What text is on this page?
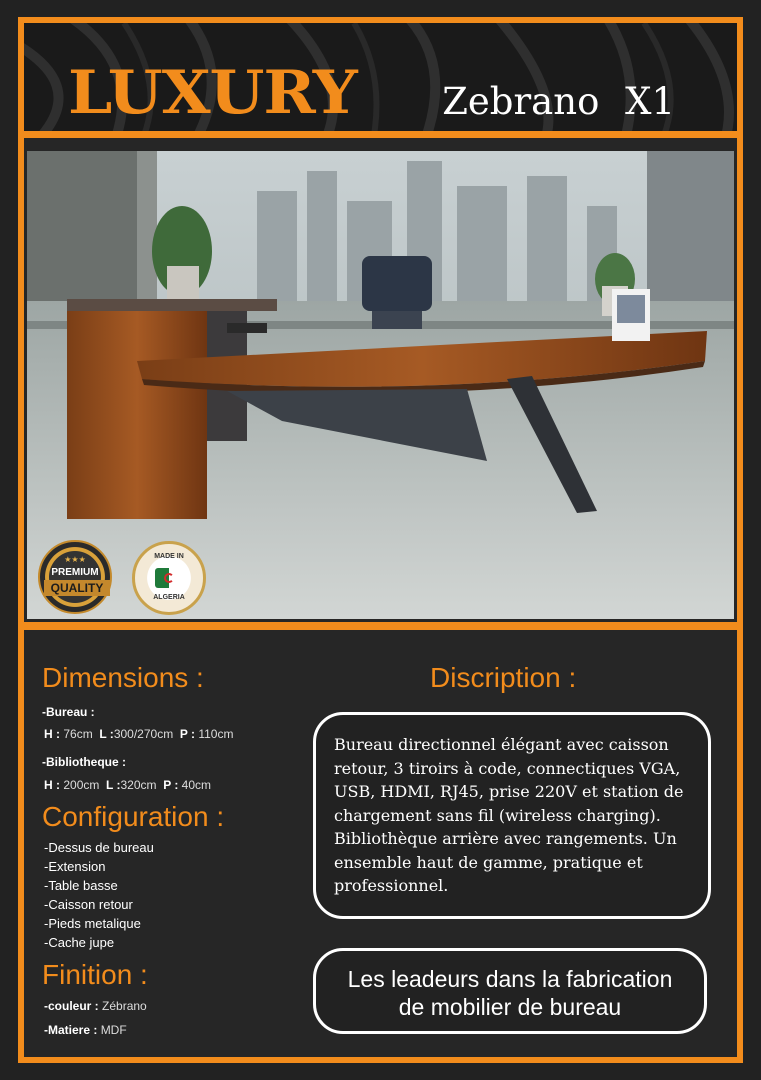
LUXURY Zebrano X1
★★★
PREMIUM
QUALITY
MADE IN
ALGERIA
Dimensions :
-Bureau :
H : 76cm L :300/270cm P : 110cm
-Bibliotheque :
H : 200cm L :320cm P : 40cm
Configuration :
-Dessus de bureau
-Extension
-Table basse
-Caisson retour
-Pieds metalique
-Cache jupe
Finition :
-couleur : Zébrano
-Matiere : MDF
Discription :
Bureau directionnel élégant avec caisson retour, 3 tiroirs à code, connectiques VGA, USB, HDMI, RJ45, prise 220V et station de chargement sans fil (wireless charging). Bibliothèque arrière avec rangements. Un ensemble haut de gamme, pratique et professionnel.
Les leadeurs dans la fabrication
de mobilier de bureau
